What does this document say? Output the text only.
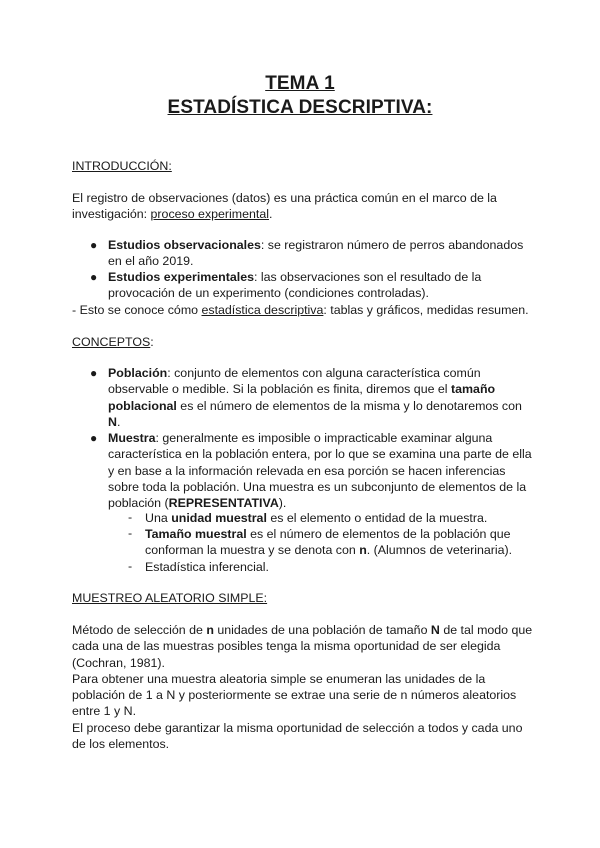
TEMA 1
ESTADÍSTICA DESCRIPTIVA:
INTRODUCCIÓN:
El registro de observaciones (datos) es una práctica común en el marco de la
investigación: proceso experimental.
● Estudios observacionales: se registraron número de perros abandonados
en el año 2019.
● Estudios experimentales: las observaciones son el resultado de la
provocación de un experimento (condiciones controladas).
- Esto se conoce cómo estadística descriptiva: tablas y gráficos, medidas resumen.
CONCEPTOS:
● Población: conjunto de elementos con alguna característica común
observable o medible. Si la población es finita, diremos que el tamaño
poblacional es el número de elementos de la misma y lo denotaremos con
N.
● Muestra: generalmente es imposible o impracticable examinar alguna
característica en la población entera, por lo que se examina una parte de ella
y en base a la información relevada en esa porción se hacen inferencias
sobre toda la población. Una muestra es un subconjunto de elementos de la
población (REPRESENTATIVA).
- Una unidad muestral es el elemento o entidad de la muestra.
- Tamaño muestral es el número de elementos de la población que
conforman la muestra y se denota con n. (Alumnos de veterinaria).
- Estadística inferencial.
MUESTREO ALEATORIO SIMPLE:
Método de selección de n unidades de una población de tamaño N de tal modo que
cada una de las muestras posibles tenga la misma oportunidad de ser elegida
(Cochran, 1981).
Para obtener una muestra aleatoria simple se enumeran las unidades de la
población de 1 a N y posteriormente se extrae una serie de n números aleatorios
entre 1 y N.
El proceso debe garantizar la misma oportunidad de selección a todos y cada uno
de los elementos.
